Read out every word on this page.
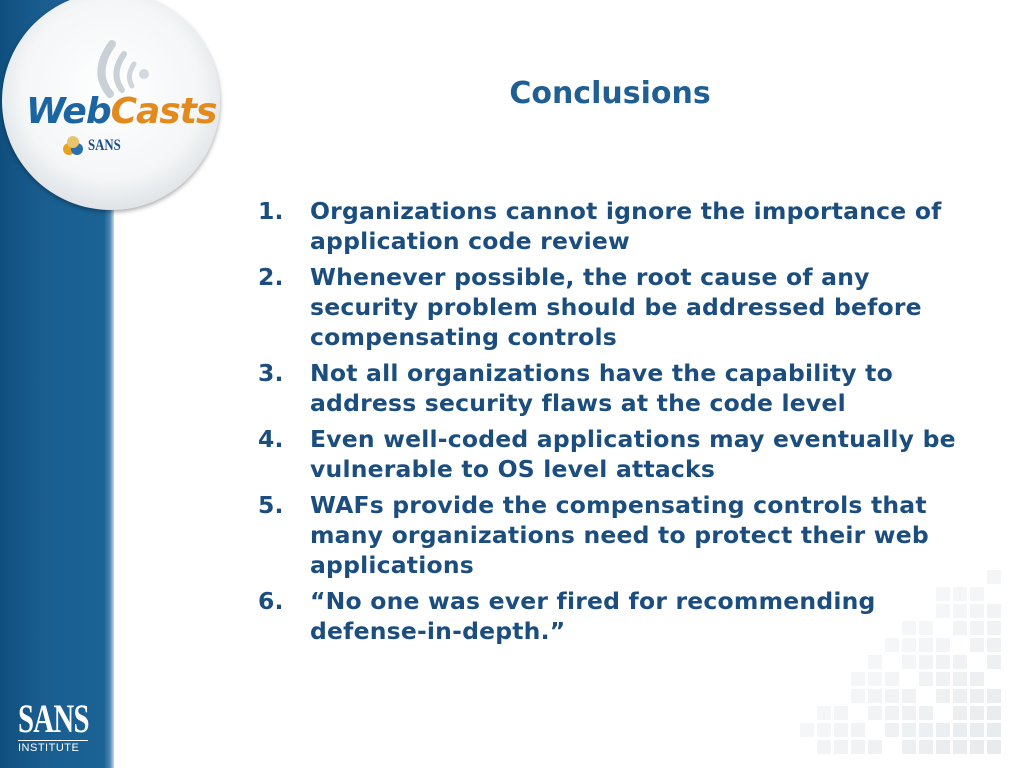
WebCasts
SANS
SANS
INSTITUTE
Conclusions
1.	Organizations cannot ignore the importance of application code review
2.	Whenever possible, the root cause of any security problem should be addressed before compensating controls
3.	Not all organizations have the capability to address security flaws at the code level
4.	Even well-coded applications may eventually be vulnerable to OS level attacks
5.	WAFs provide the compensating controls that many organizations need to protect their web applications
6.	“No one was ever fired for recommending defense-in-depth.”
